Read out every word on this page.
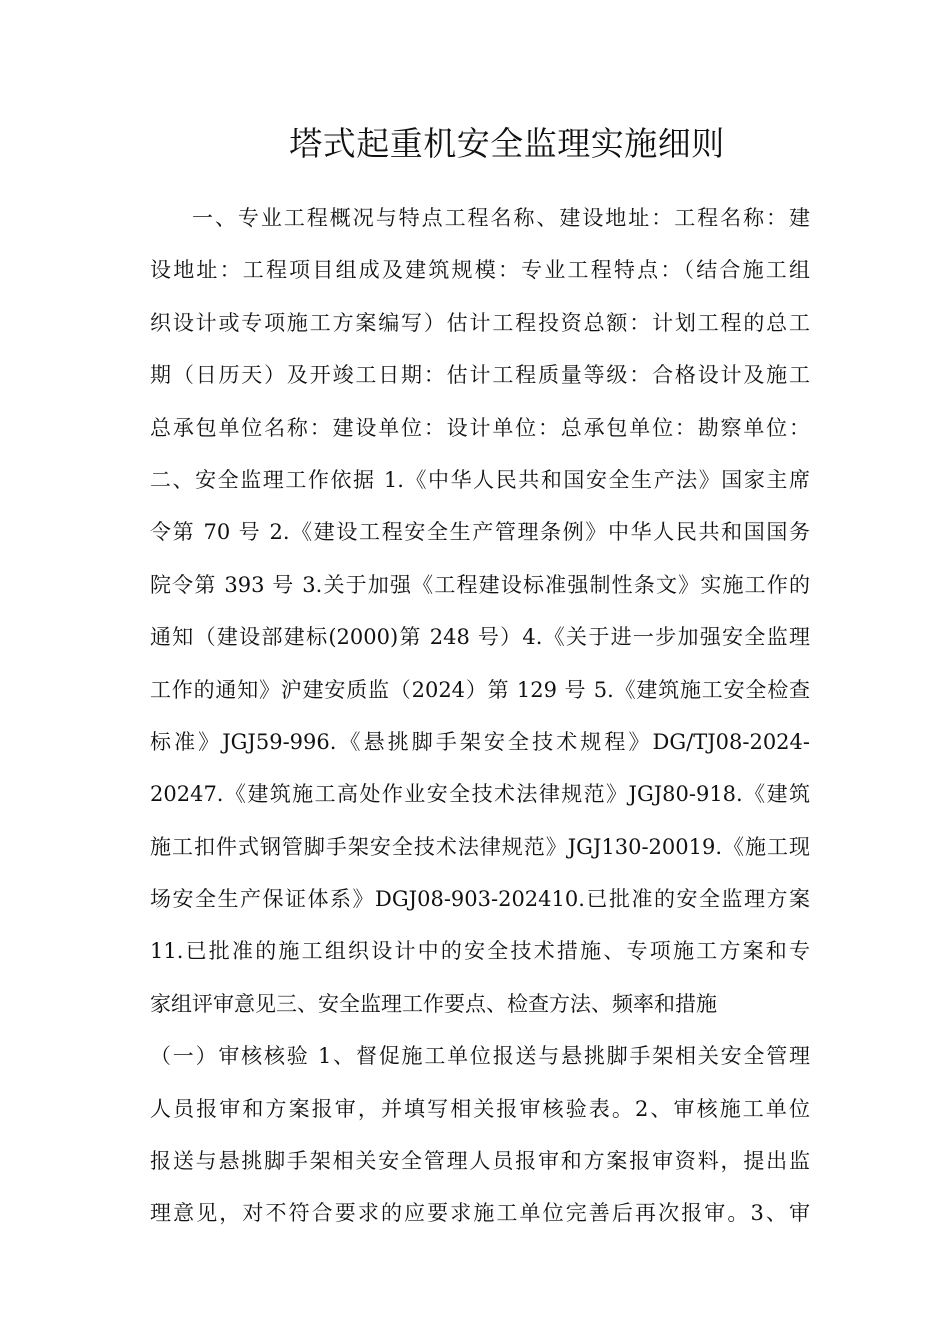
塔式起重机安全监理实施细则
一、专业工程概况与特点工程名称、建设地址：工程名称：建
设地址：工程项目组成及建筑规模：专业工程特点：（结合施工组
织设计或专项施工方案编写）估计工程投资总额：计划工程的总工
期（日历天）及开竣工日期：估计工程质量等级：合格设计及施工
总承包单位名称：建设单位：设计单位：总承包单位：勘察单位：
二、安全监理工作依据 1.《中华人民共和国安全生产法》国家主席
令第 70 号 2.《建设工程安全生产管理条例》中华人民共和国国务
院令第 393 号 3.关于加强《工程建设标准强制性条文》实施工作的
通知（建设部建标(2000)第 248 号）4.《关于进一步加强安全监理
工作的通知》沪建安质监（2024）第 129 号 5.《建筑施工安全检查
标准》JGJ59-996.《悬挑脚手架安全技术规程》DG/TJ08-2024-
20247.《建筑施工高处作业安全技术法律规范》JGJ80-918.《建筑
施工扣件式钢管脚手架安全技术法律规范》JGJ130-20019.《施工现
场安全生产保证体系》DGJ08-903-202410.已批准的安全监理方案
11.已批准的施工组织设计中的安全技术措施、专项施工方案和专
家组评审意见三、安全监理工作要点、检查方法、频率和措施
（一）审核核验 1、督促施工单位报送与悬挑脚手架相关安全管理
人员报审和方案报审，并填写相关报审核验表。2、审核施工单位
报送与悬挑脚手架相关安全管理人员报审和方案报审资料，提出监
理意见，对不符合要求的应要求施工单位完善后再次报审。3、审
